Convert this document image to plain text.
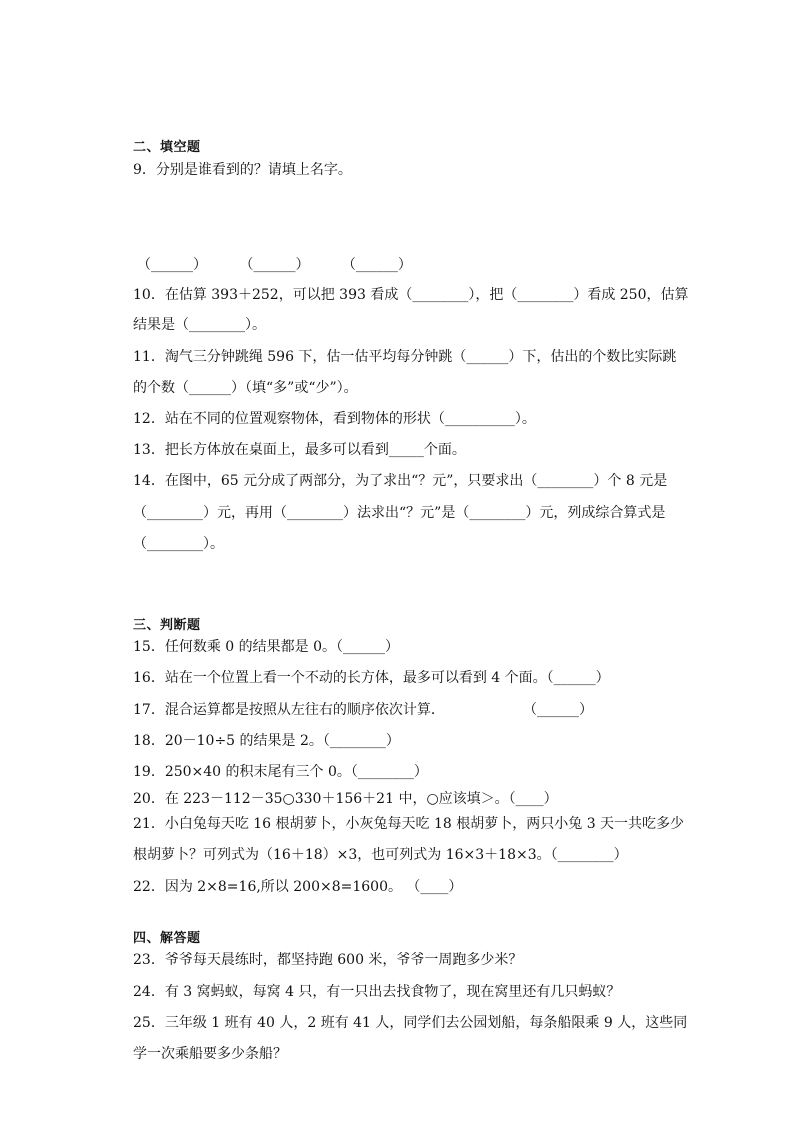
二、填空题
9．分别是谁看到的？请填上名字。
（______） （______） （______）
10．在估算 393＋252，可以把 393 看成（________），把（________）看成 250，估算
结果是（________）。
11．淘气三分钟跳绳 596 下，估一估平均每分钟跳（______）下，估出的个数比实际跳
的个数（______）（填“多”或“少”）。
12．站在不同的位置观察物体，看到物体的形状（__________）。
13．把长方体放在桌面上，最多可以看到_____个面。
14．在图中，65 元分成了两部分，为了求出“？元”，只要求出（________）个 8 元是
（________）元，再用（________）法求出“？元”是（________）元，列成综合算式是
（________）。
三、判断题
15．任何数乘 0 的结果都是 0。（______）
16．站在一个位置上看一个不动的长方体，最多可以看到 4 个面。（______）
17．混合运算都是按照从左往右的顺序依次计算．	（______）
18．20－10÷5 的结果是 2。（________）
19．250×40 的积末尾有三个 0。（________）
20．在 223－112－35○330＋156＋21 中，○应该填＞。（____）
21．小白兔每天吃 16 根胡萝卜，小灰兔每天吃 18 根胡萝卜，两只小兔 3 天一共吃多少
根胡萝卜？可列式为（16＋18）×3，也可列式为 16×3＋18×3。（________）
22．因为 2×8=16,所以 200×8=1600。 （____）
四、解答题
23．爷爷每天晨练时，都坚持跑 600 米，爷爷一周跑多少米？
24．有 3 窝蚂蚁，每窝 4 只，有一只出去找食物了，现在窝里还有几只蚂蚁？
25．三年级 1 班有 40 人，2 班有 41 人，同学们去公园划船，每条船限乘 9 人，这些同
学一次乘船要多少条船？
